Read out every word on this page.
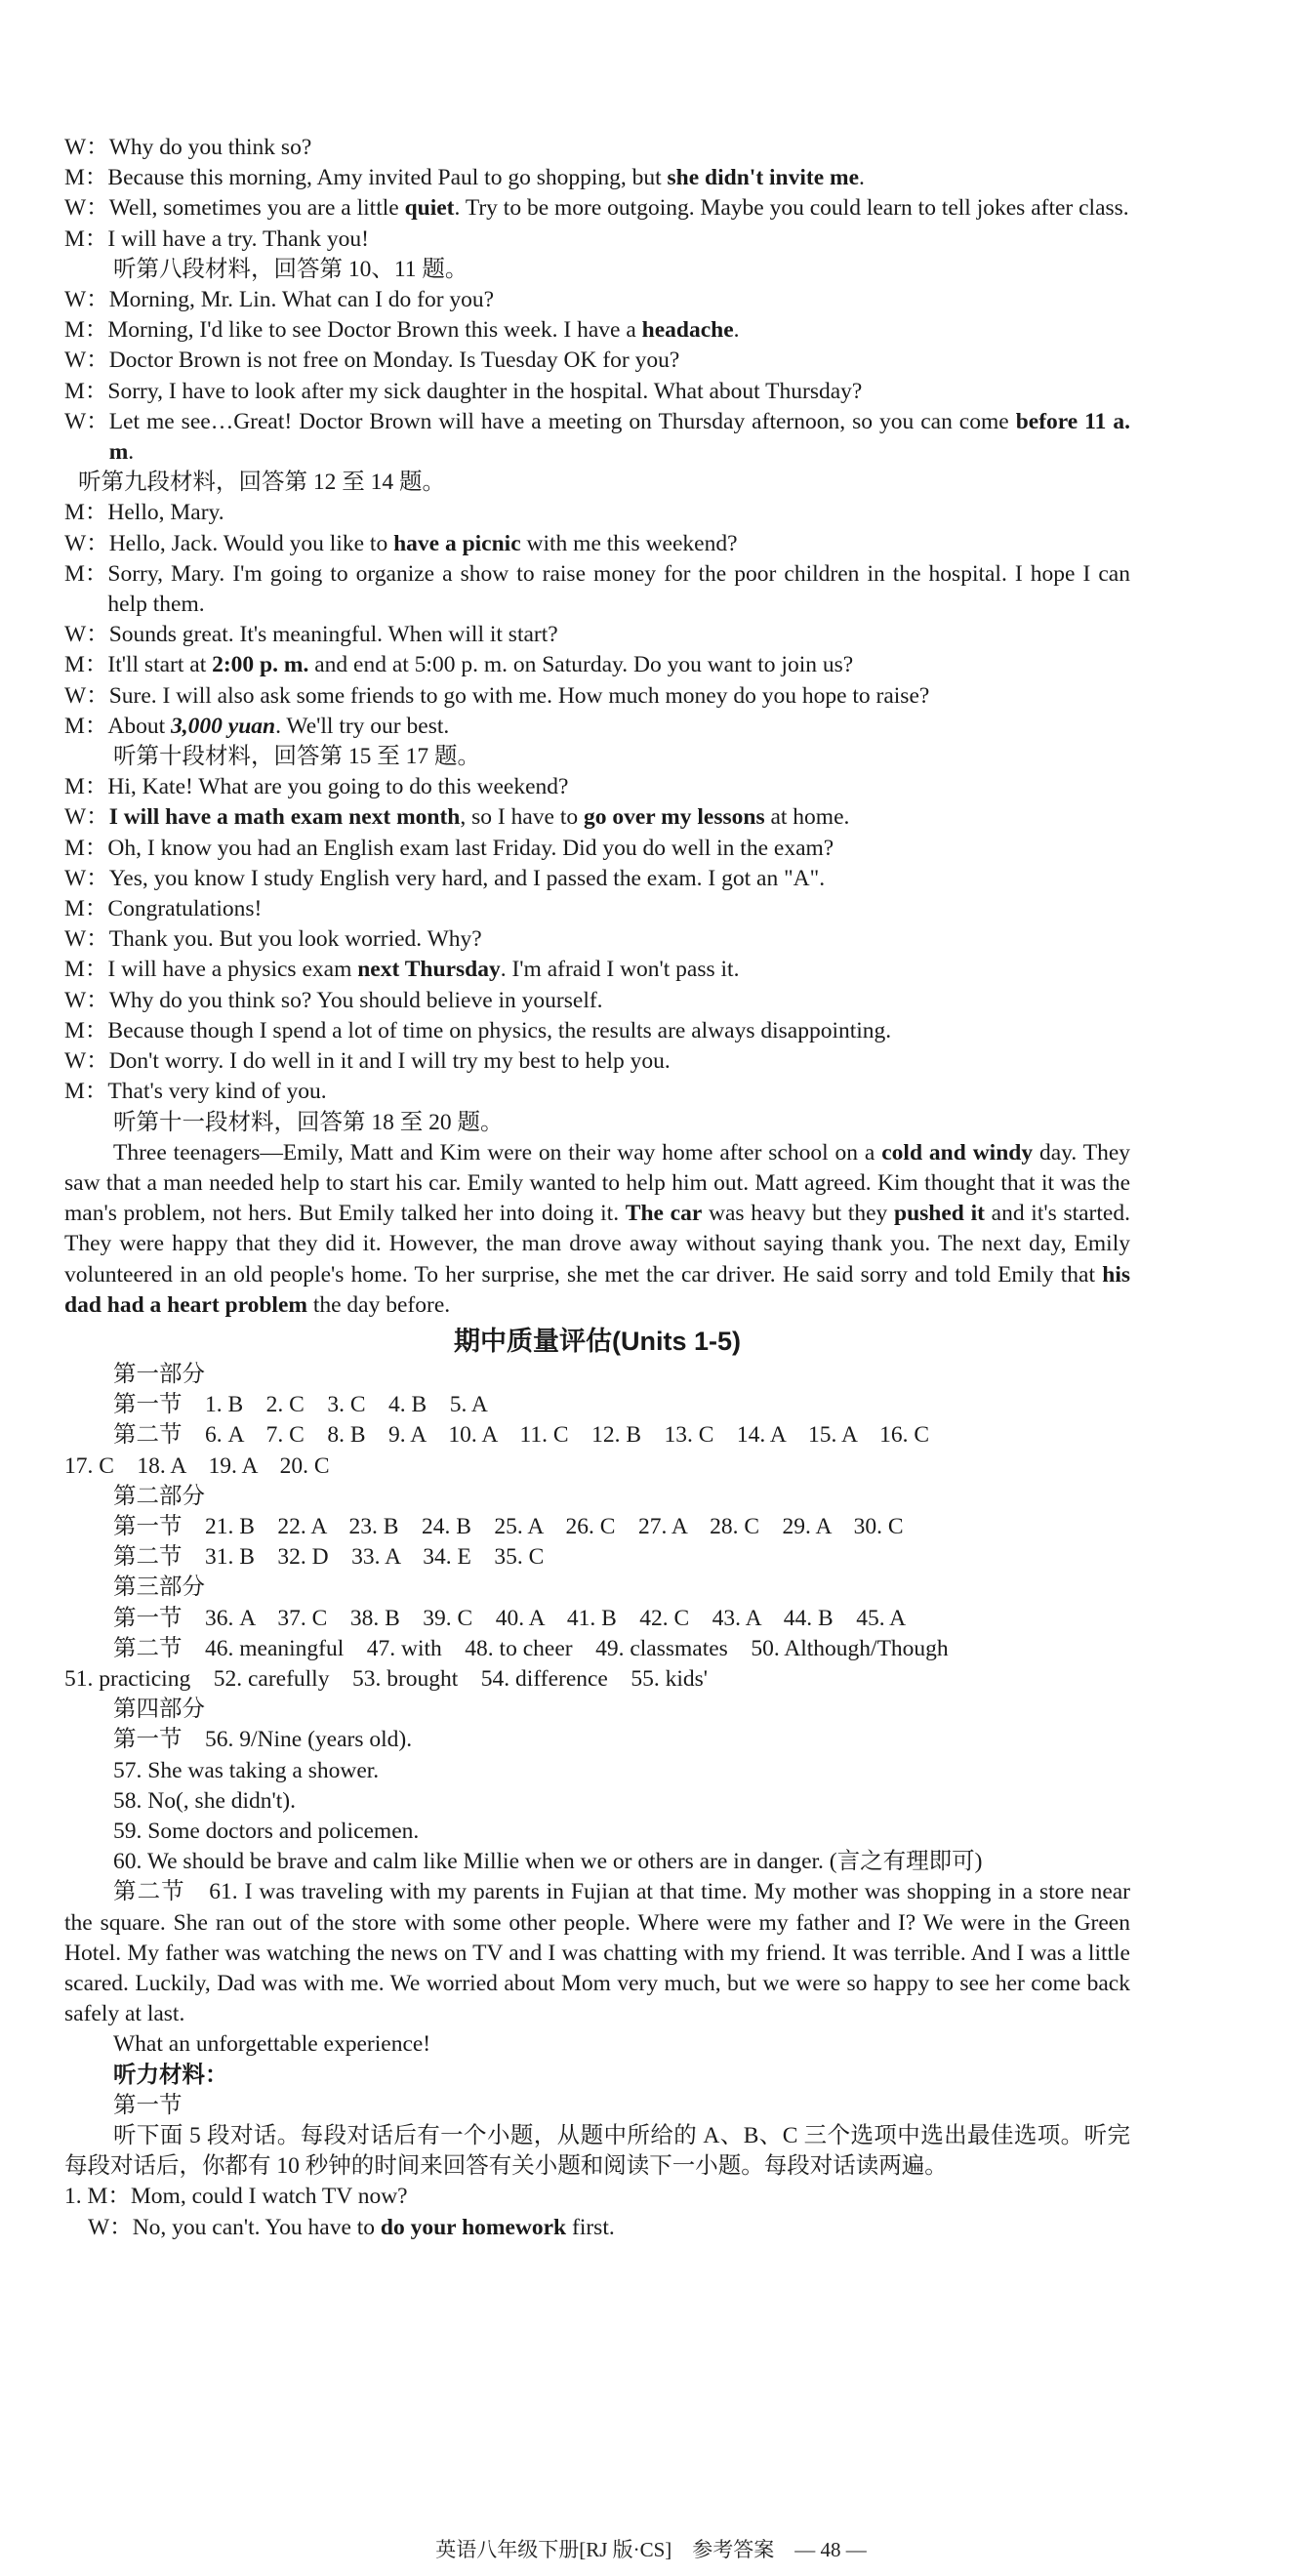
W： Why do you think so?
M： Because this morning, Amy invited Paul to go shopping, but she didn't invite me.
W： Well, sometimes you are a little quiet. Try to be more outgoing. Maybe you could learn to tell jokes after class.
M： I will have a try. Thank you!

听第八段材料，回答第 10、11 题。

W： Morning, Mr. Lin. What can I do for you?
M： Morning, I'd like to see Doctor Brown this week. I have a headache.
W： Doctor Brown is not free on Monday. Is Tuesday OK for you?
M： Sorry, I have to look after my sick daughter in the hospital. What about Thursday?
W： Let me see…Great! Doctor Brown will have a meeting on Thursday afternoon, so you can come before 11 a. m.

听第九段材料，回答第 12 至 14 题。

M： Hello, Mary.
W： Hello, Jack. Would you like to have a picnic with me this weekend?
M： Sorry, Mary. I'm going to organize a show to raise money for the poor children in the hospital. I hope I can help them.
W： Sounds great. It's meaningful. When will it start?
M： It'll start at 2:00 p. m. and end at 5:00 p. m. on Saturday. Do you want to join us?
W： Sure. I will also ask some friends to go with me. How much money do you hope to raise?
M： About 3,000 yuan. We'll try our best.

听第十段材料，回答第 15 至 17 题。

M： Hi, Kate! What are you going to do this weekend?
W： I will have a math exam next month, so I have to go over my lessons at home.
M： Oh, I know you had an English exam last Friday. Did you do well in the exam?
W： Yes, you know I study English very hard, and I passed the exam. I got an "A".
M： Congratulations!
W： Thank you. But you look worried. Why?
M： I will have a physics exam next Thursday. I'm afraid I won't pass it.
W： Why do you think so? You should believe in yourself.
M： Because though I spend a lot of time on physics, the results are always disappointing.
W： Don't worry. I do well in it and I will try my best to help you.
M： That's very kind of you.

听第十一段材料，回答第 18 至 20 题。

Three teenagers—Emily, Matt and Kim were on their way home after school on a cold and windy day. They saw that a man needed help to start his car. Emily wanted to help him out. Matt agreed. Kim thought that it was the man's problem, not hers. But Emily talked her into doing it. The car was heavy but they pushed it and it's started. They were happy that they did it. However, the man drove away without saying thank you. The next day, Emily volunteered in an old people's home. To her surprise, she met the car driver. He said sorry and told Emily that his dad had a heart problem the day before.

期中质量评估(Units 1-5)

第一部分

第一节　1. B　2. C　3. C　4. B　5. A

第二节　6. A　7. C　8. B　9. A　10. A　11. C　12. B　13. C　14. A　15. A　16. C

17. C　18. A　19. A　20. C

第二部分

第一节　21. B　22. A　23. B　24. B　25. A　26. C　27. A　28. C　29. A　30. C

第二节　31. B　32. D　33. A　34. E　35. C

第三部分

第一节　36. A　37. C　38. B　39. C　40. A　41. B　42. C　43. A　44. B　45. A

第二节　46. meaningful　47. with　48. to cheer　49. classmates　50. Although/Though

51. practicing　52. carefully　53. brought　54. difference　55. kids'

第四部分

第一节　56. 9/Nine (years old).

57. She was taking a shower.

58. No(, she didn't).

59. Some doctors and policemen.

60. We should be brave and calm like Millie when we or others are in danger. (言之有理即可)

第二节　61. I was traveling with my parents in Fujian at that time. My mother was shopping in a store near the square. She ran out of the store with some other people. Where were my father and I? We were in the Green Hotel. My father was watching the news on TV and I was chatting with my friend. It was terrible. And I was a little scared. Luckily, Dad was with me. We worried about Mom very much, but we were so happy to see her come back safely at last.

What an unforgettable experience!

听力材料：

第一节

听下面 5 段对话。每段对话后有一个小题，从题中所给的 A、B、C 三个选项中选出最佳选项。听完每段对话后，你都有 10 秒钟的时间来回答有关小题和阅读下一小题。每段对话读两遍。

1. M：Mom, could I watch TV now?

W：No, you can't. You have to do your homework first.

英语八年级下册[RJ 版·CS]　参考答案　— 48 —
